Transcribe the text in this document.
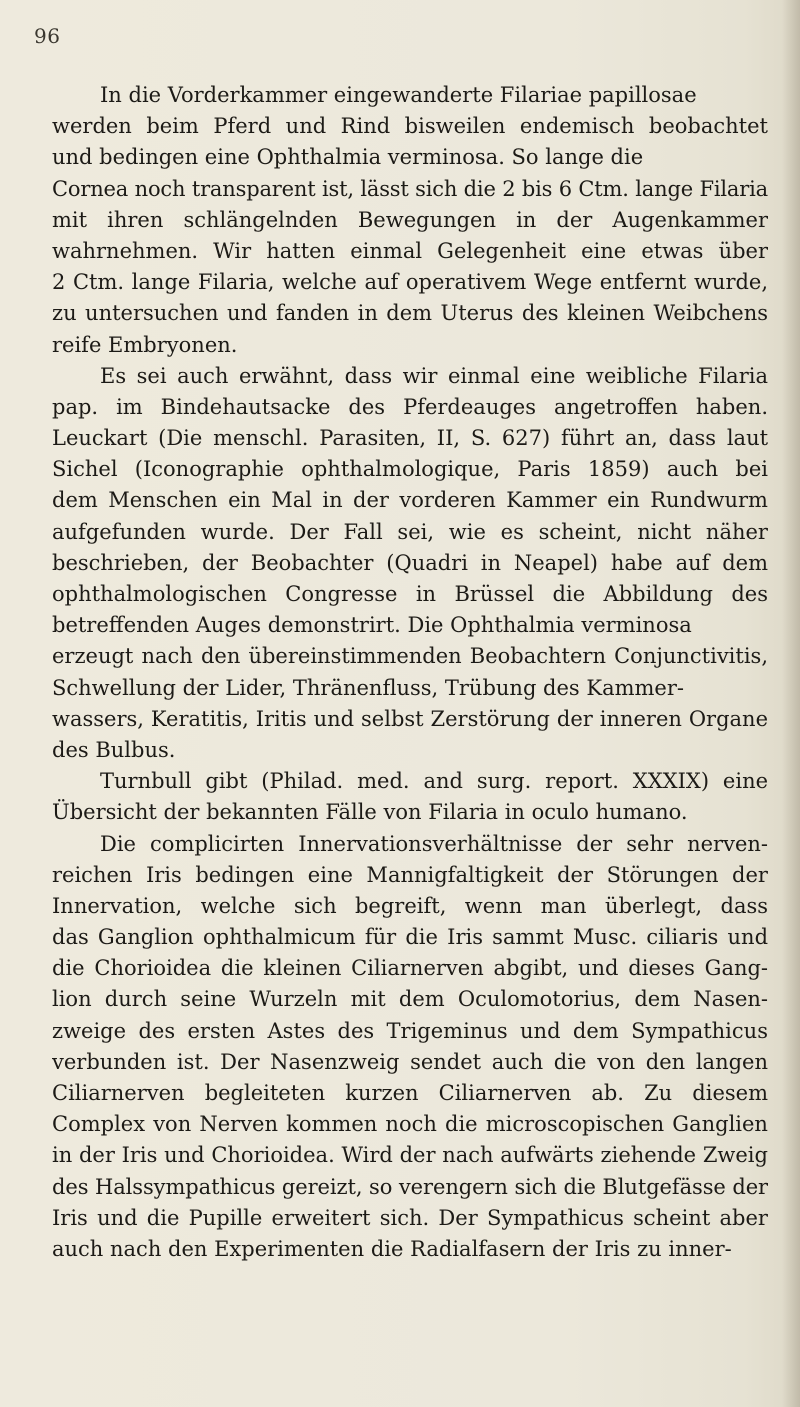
96
In die Vorderkammer eingewanderte Filariae papillosae
werden beim Pferd und Rind bisweilen endemisch beobachtet
und bedingen eine Ophthalmia verminosa. So lange die
Cornea noch transparent ist, lässt sich die 2 bis 6 Ctm. lange Filaria
mit ihren schlängelnden Bewegungen in der Augenkammer
wahrnehmen. Wir hatten einmal Gelegenheit eine etwas über
2 Ctm. lange Filaria, welche auf operativem Wege entfernt wurde,
zu untersuchen und fanden in dem Uterus des kleinen Weibchens
reife Embryonen.
Es sei auch erwähnt, dass wir einmal eine weibliche Filaria
pap. im Bindehautsacke des Pferdeauges angetroffen haben.
Leuckart (Die menschl. Parasiten, II, S. 627) führt an, dass laut
Sichel (Iconographie ophthalmologique, Paris 1859) auch bei
dem Menschen ein Mal in der vorderen Kammer ein Rundwurm
aufgefunden wurde. Der Fall sei, wie es scheint, nicht näher
beschrieben, der Beobachter (Quadri in Neapel) habe auf dem
ophthalmologischen Congresse in Brüssel die Abbildung des
betreffenden Auges demonstrirt. Die Ophthalmia verminosa
erzeugt nach den übereinstimmenden Beobachtern Conjunctivitis,
Schwellung der Lider, Thränenfluss, Trübung des Kammer-
wassers, Keratitis, Iritis und selbst Zerstörung der inneren Organe
des Bulbus.
Turnbull gibt (Philad. med. and surg. report. XXXIX) eine
Übersicht der bekannten Fälle von Filaria in oculo humano.
Die complicirten Innervationsverhältnisse der sehr nerven-
reichen Iris bedingen eine Mannigfaltigkeit der Störungen der
Innervation, welche sich begreift, wenn man überlegt, dass
das Ganglion ophthalmicum für die Iris sammt Musc. ciliaris und
die Chorioidea die kleinen Ciliarnerven abgibt, und dieses Gang-
lion durch seine Wurzeln mit dem Oculomotorius, dem Nasen-
zweige des ersten Astes des Trigeminus und dem Sympathicus
verbunden ist. Der Nasenzweig sendet auch die von den langen
Ciliarnerven begleiteten kurzen Ciliarnerven ab. Zu diesem
Complex von Nerven kommen noch die microscopischen Ganglien
in der Iris und Chorioidea. Wird der nach aufwärts ziehende Zweig
des Halssympathicus gereizt, so verengern sich die Blutgefässe der
Iris und die Pupille erweitert sich. Der Sympathicus scheint aber
auch nach den Experimenten die Radialfasern der Iris zu inner-
